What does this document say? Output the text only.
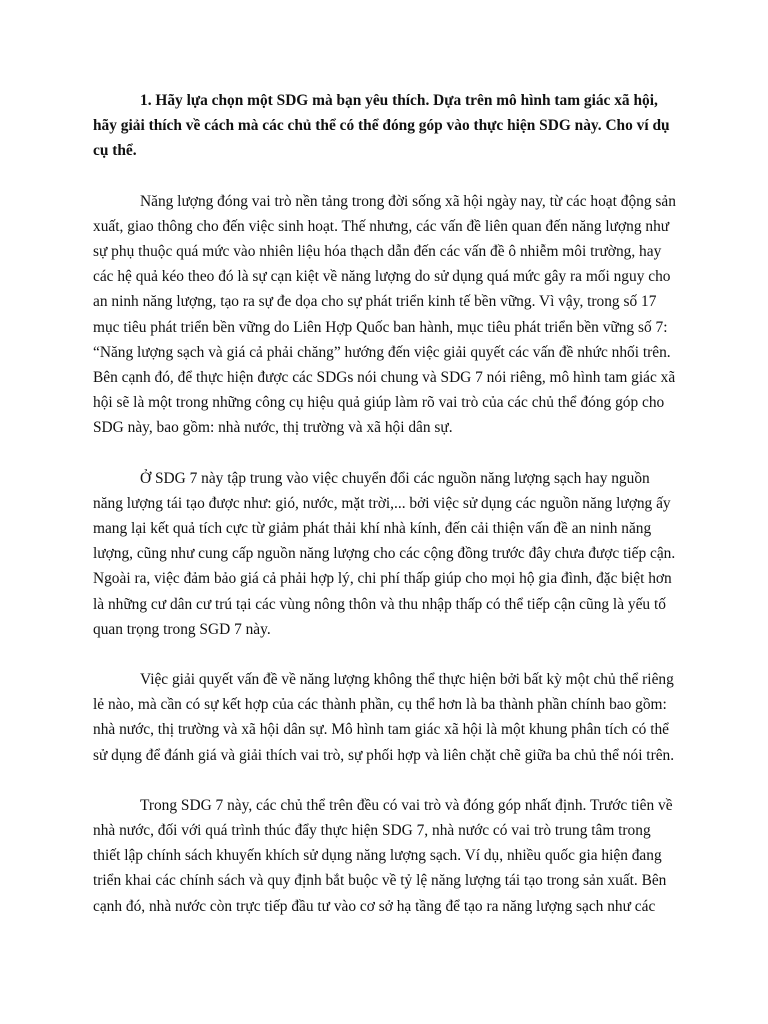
1. Hãy lựa chọn một SDG mà bạn yêu thích. Dựa trên mô hình tam giác xã hội, hãy giải thích về cách mà các chủ thể có thể đóng góp vào thực hiện SDG này. Cho ví dụ cụ thể.

Năng lượng đóng vai trò nền tảng trong đời sống xã hội ngày nay, từ các hoạt động sản xuất, giao thông cho đến việc sinh hoạt. Thế nhưng, các vấn đề liên quan đến năng lượng như sự phụ thuộc quá mức vào nhiên liệu hóa thạch dẫn đến các vấn đề ô nhiễm môi trường, hay các hệ quả kéo theo đó là sự cạn kiệt về năng lượng do sử dụng quá mức gây ra mối nguy cho an ninh năng lượng, tạo ra sự đe dọa cho sự phát triển kinh tế bền vững. Vì vậy, trong số 17 mục tiêu phát triển bền vững do Liên Hợp Quốc ban hành, mục tiêu phát triển bền vững số 7: “Năng lượng sạch và giá cả phải chăng” hướng đến việc giải quyết các vấn đề nhức nhối trên. Bên cạnh đó, để thực hiện được các SDGs nói chung và SDG 7 nói riêng, mô hình tam giác xã hội sẽ là một trong những công cụ hiệu quả giúp làm rõ vai trò của các chủ thể đóng góp cho SDG này, bao gồm: nhà nước, thị trường và xã hội dân sự.

Ở SDG 7 này tập trung vào việc chuyển đổi các nguồn năng lượng sạch hay nguồn năng lượng tái tạo được như: gió, nước, mặt trời,... bởi việc sử dụng các nguồn năng lượng ấy mang lại kết quả tích cực từ giảm phát thải khí nhà kính, đến cải thiện vấn đề an ninh năng lượng, cũng như cung cấp nguồn năng lượng cho các cộng đồng trước đây chưa được tiếp cận. Ngoài ra, việc đảm bảo giá cả phải hợp lý, chi phí thấp giúp cho mọi hộ gia đình, đặc biệt hơn là những cư dân cư trú tại các vùng nông thôn và thu nhập thấp có thể tiếp cận cũng là yếu tố quan trọng trong SGD 7 này.

Việc giải quyết vấn đề về năng lượng không thể thực hiện bởi bất kỳ một chủ thể riêng lẻ nào, mà cần có sự kết hợp của các thành phần, cụ thể hơn là ba thành phần chính bao gồm: nhà nước, thị trường và xã hội dân sự. Mô hình tam giác xã hội là một khung phân tích có thể sử dụng để đánh giá và giải thích vai trò, sự phối hợp và liên chặt chẽ giữa ba chủ thể nói trên.

Trong SDG 7 này, các chủ thể trên đều có vai trò và đóng góp nhất định. Trước tiên về nhà nước, đối với quá trình thúc đẩy thực hiện SDG 7, nhà nước có vai trò trung tâm trong thiết lập chính sách khuyến khích sử dụng năng lượng sạch. Ví dụ, nhiều quốc gia hiện đang triển khai các chính sách và quy định bắt buộc về tỷ lệ năng lượng tái tạo trong sản xuất. Bên cạnh đó, nhà nước còn trực tiếp đầu tư vào cơ sở hạ tầng để tạo ra năng lượng sạch như các
